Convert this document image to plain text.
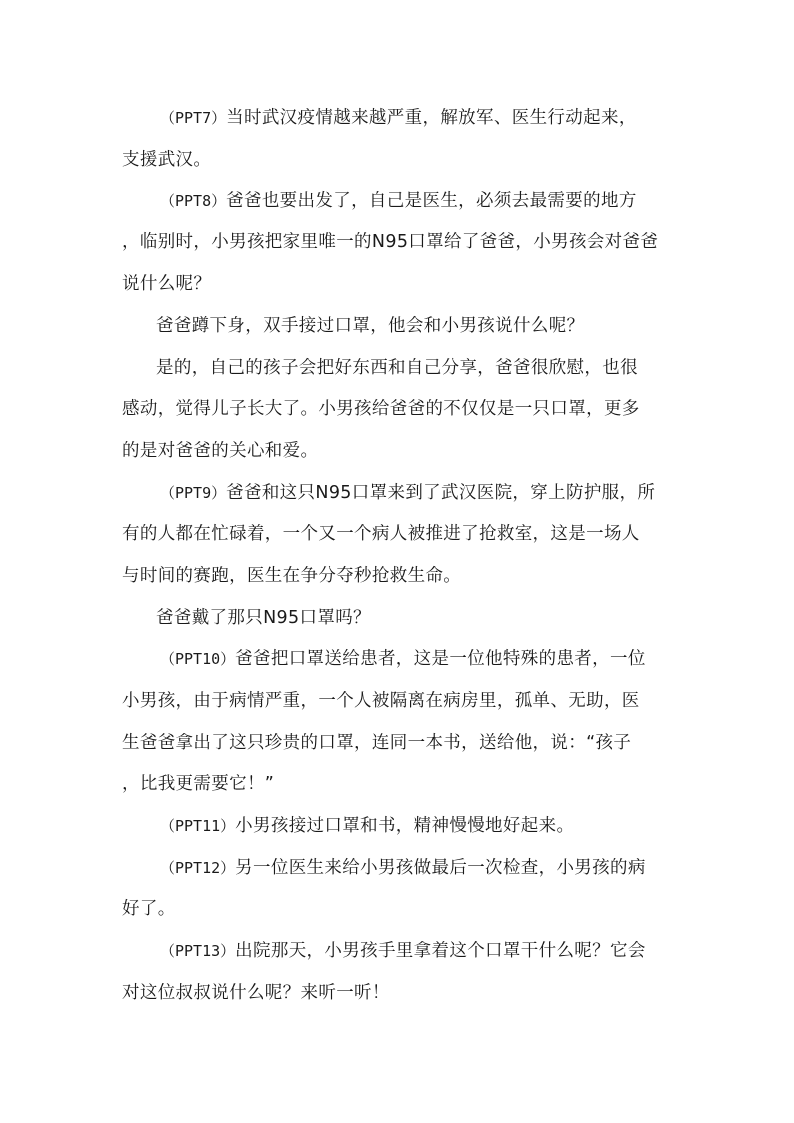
（PPT7）当时武汉疫情越来越严重，解放军、医生行动起来，
支援武汉。
（PPT8）爸爸也要出发了，自己是医生，必须去最需要的地方
，临别时，小男孩把家里唯一的N95口罩给了爸爸，小男孩会对爸爸
说什么呢？
爸爸蹲下身，双手接过口罩，他会和小男孩说什么呢？
是的，自己的孩子会把好东西和自己分享，爸爸很欣慰，也很
感动，觉得儿子长大了。小男孩给爸爸的不仅仅是一只口罩，更多
的是对爸爸的关心和爱。
（PPT9）爸爸和这只N95口罩来到了武汉医院，穿上防护服，所
有的人都在忙碌着，一个又一个病人被推进了抢救室，这是一场人
与时间的赛跑，医生在争分夺秒抢救生命。
爸爸戴了那只N95口罩吗？
（PPT10）爸爸把口罩送给患者，这是一位他特殊的患者，一位
小男孩，由于病情严重，一个人被隔离在病房里，孤单、无助，医
生爸爸拿出了这只珍贵的口罩，连同一本书，送给他，说：“孩子
，比我更需要它！”
（PPT11）小男孩接过口罩和书，精神慢慢地好起来。
（PPT12）另一位医生来给小男孩做最后一次检查，小男孩的病
好了。
（PPT13）出院那天，小男孩手里拿着这个口罩干什么呢？它会
对这位叔叔说什么呢？来听一听！
